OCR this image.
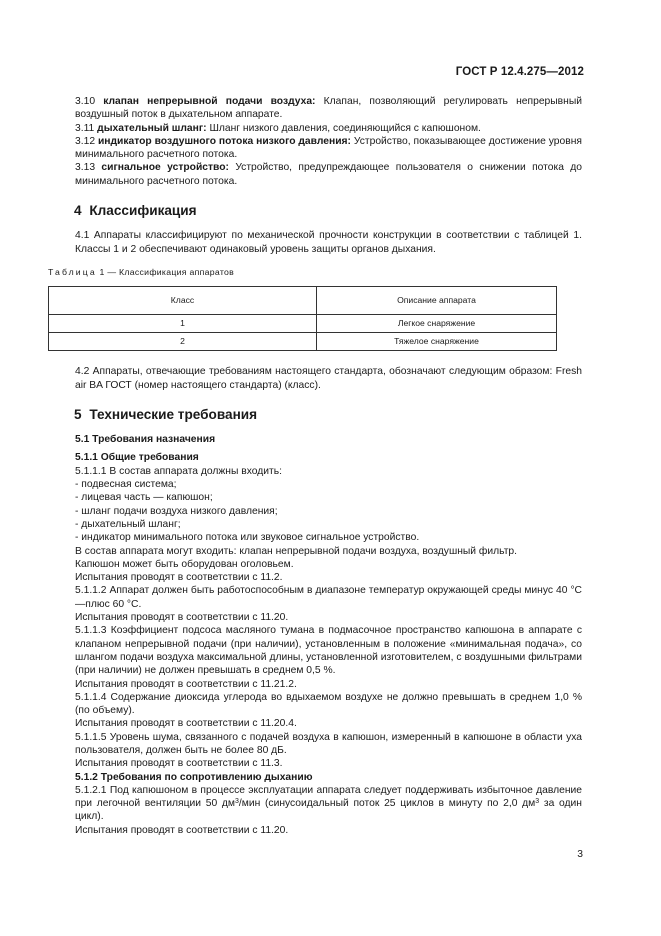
ГОСТ Р 12.4.275—2012

3.10 клапан непрерывной подачи воздуха: Клапан, позволяющий регулировать непрерывный воздушный поток в дыхательном аппарате.

3.11 дыхательный шланг: Шланг низкого давления, соединяющийся с капюшоном.

3.12 индикатор воздушного потока низкого давления: Устройство, показывающее достижение уровня минимального расчетного потока.

3.13 сигнальное устройство: Устройство, предупреждающее пользователя о снижении потока до минимального расчетного потока.

4 Классификация

4.1 Аппараты классифицируют по механической прочности конструкции в соответствии с таблицей 1. Классы 1 и 2 обеспечивают одинаковый уровень защиты органов дыхания.

Таблица 1 — Классификация аппаратов
Класс	Описание аппарата
1	Легкое снаряжение
2	Тяжелое снаряжение

4.2 Аппараты, отвечающие требованиям настоящего стандарта, обозначают следующим образом: Fresh air BA ГОСТ (номер настоящего стандарта) (класс).

5 Технические требования
5.1 Требования назначения
5.1.1 Общие требования

5.1.1.1 В состав аппарата должны входить:

- подвесная система;

- лицевая часть — капюшон;

- шланг подачи воздуха низкого давления;

- дыхательный шланг;

- индикатор минимального потока или звуковое сигнальное устройство.

В состав аппарата могут входить: клапан непрерывной подачи воздуха, воздушный фильтр.

Капюшон может быть оборудован оголовьем.

Испытания проводят в соответствии с 11.2.

5.1.1.2 Аппарат должен быть работоспособным в диапазоне температур окружающей среды минус 40 °С—плюс 60 °С.

Испытания проводят в соответствии с 11.20.

5.1.1.3 Коэффициент подсоса масляного тумана в подмасочное пространство капюшона в аппарате с клапаном непрерывной подачи (при наличии), установленным в положение «минимальная подача», со шлангом подачи воздуха максимальной длины, установленной изготовителем, с воздушными фильтрами (при наличии) не должен превышать в среднем 0,5 %.

Испытания проводят в соответствии с 11.21.2.

5.1.1.4 Содержание диоксида углерода во вдыхаемом воздухе не должно превышать в среднем 1,0 % (по объему).

Испытания проводят в соответствии с 11.20.4.

5.1.1.5 Уровень шума, связанного с подачей воздуха в капюшон, измеренный в капюшоне в области уха пользователя, должен быть не более 80 дБ.

Испытания проводят в соответствии с 11.3.

5.1.2 Требования по сопротивлению дыханию

5.1.2.1 Под капюшоном в процессе эксплуатации аппарата следует поддерживать избыточное давление при легочной вентиляции 50 $дм^3$/мин (синусоидальный поток 25 циклов в минуту по 2,0 $дм^3$ за один цикл).

Испытания проводят в соответствии с 11.20.

3
